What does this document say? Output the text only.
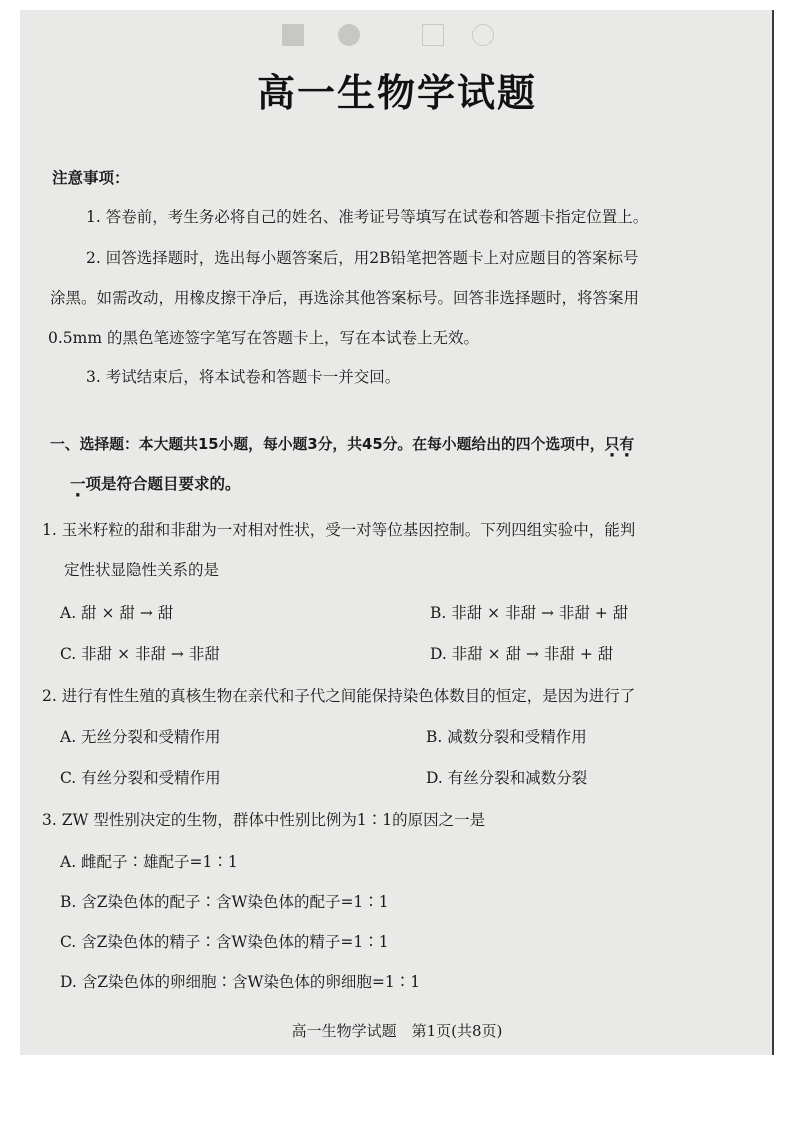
高一生物学试题
注意事项：
1. 答卷前，考生务必将自己的姓名、准考证号等填写在试卷和答题卡指定位置上。
2. 回答选择题时，选出每小题答案后，用2B铅笔把答题卡上对应题目的答案标号
涂黑。如需改动，用橡皮擦干净后，再选涂其他答案标号。回答非选择题时，将答案用
0.5mm 的黑色笔迹签字笔写在答题卡上，写在本试卷上无效。
3. 考试结束后，将本试卷和答题卡一并交回。
一、选择题：本大题共15小题，每小题3分，共45分。在每小题给出的四个选项中，只有
一项是符合题目要求的。
1. 玉米籽粒的甜和非甜为一对相对性状，受一对等位基因控制。下列四组实验中，能判
定性状显隐性关系的是
A. 甜 × 甜 → 甜	B. 非甜 × 非甜 → 非甜 + 甜
C. 非甜 × 非甜 → 非甜	D. 非甜 × 甜 → 非甜 + 甜
2. 进行有性生殖的真核生物在亲代和子代之间能保持染色体数目的恒定，是因为进行了
A. 无丝分裂和受精作用	B. 减数分裂和受精作用
C. 有丝分裂和受精作用	D. 有丝分裂和减数分裂
3. ZW 型性别决定的生物，群体中性别比例为1∶1的原因之一是
A. 雌配子∶雄配子=1∶1
B. 含Z染色体的配子∶含W染色体的配子=1∶1
C. 含Z染色体的精子∶含W染色体的精子=1∶1
D. 含Z染色体的卵细胞∶含W染色体的卵细胞=1∶1
高一生物学试题　第1页(共8页)
